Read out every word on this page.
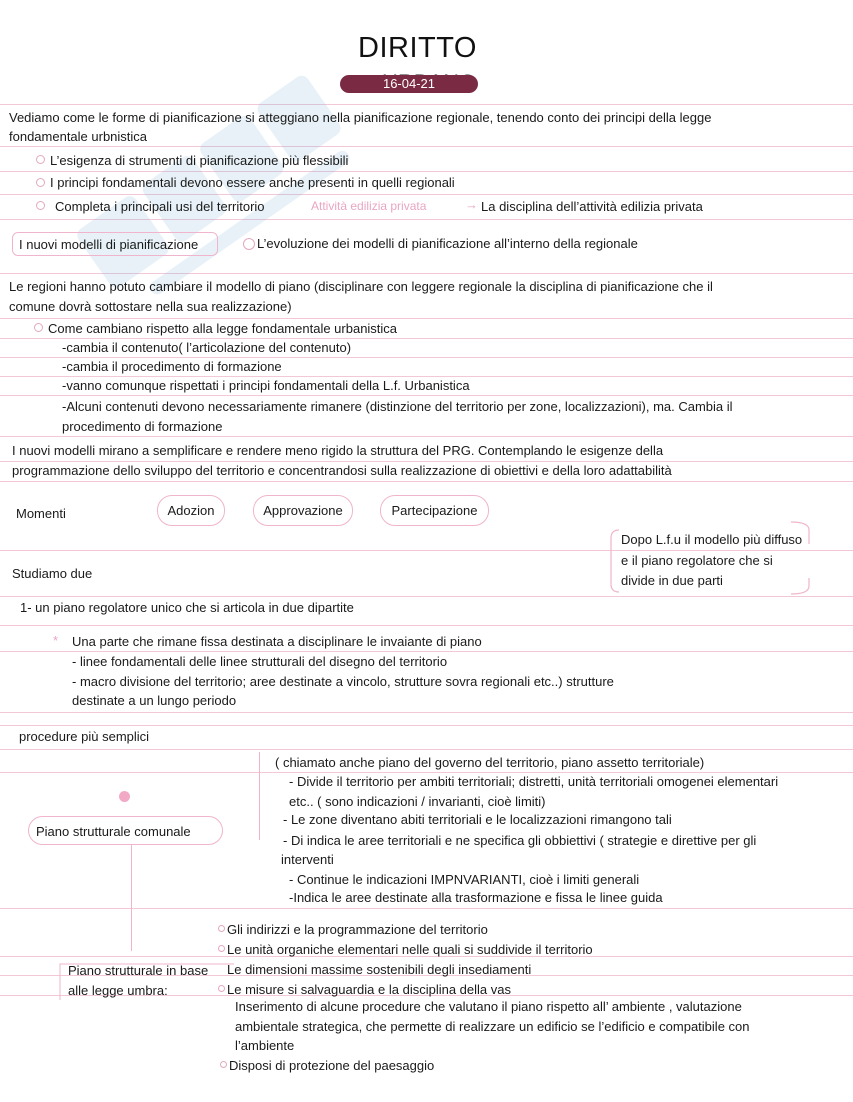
DIRITTO
16-04-21
Vediamo come le forme di pianificazione si atteggiano nella pianificazione regionale, tenendo conto dei principi della legge
fondamentale urbnistica
L’esigenza di strumenti di pianificazione più flessibili
I principi fondamentali devono essere anche presenti in quelli regionali
Completa i principali usi del territorio	Attività edilizia privata	→ La disciplina dell’attività edilizia privata
I nuovi modelli di pianificazione	L’evoluzione dei modelli di pianificazione all’interno della regionale
Le regioni hanno potuto cambiare il modello di piano (disciplinare con leggere regionale la disciplina di pianificazione che il
comune dovrà sottostare nella sua realizzazione)
Come cambiano rispetto alla legge fondamentale urbanistica
-cambia il contenuto( l’articolazione del contenuto)
-cambia il procedimento di formazione
-vanno comunque rispettati i principi fondamentali della L.f. Urbanistica
-Alcuni contenuti devono necessariamente rimanere (distinzione del territorio per zone, localizzazioni), ma. Cambia il
procedimento di formazione
I nuovi modelli mirano a semplificare e rendere meno rigido la struttura del PRG. Contemplando le esigenze della
programmazione dello sviluppo del territorio e concentrandosi sulla realizzazione di obiettivi e della loro adattabilità
Momenti	Adozion	Approvazione	Partecipazione
Dopo L.f.u il modello più diffuso
e il piano regolatore che si
divide in due parti
Studiamo due
1- un piano regolatore unico che si articola in due dipartite
* Una parte che rimane fissa destinata a disciplinare le invaiante di piano
- linee fondamentali delle linee strutturali del disegno del territorio
- macro divisione del territorio; aree destinate a vincolo, strutture sovra regionali etc..) strutture
destinate a un lungo periodo
procedure più semplici
( chiamato anche piano del governo del territorio, piano assetto territoriale)
- Divide il territorio per ambiti territoriali; distretti, unità territoriali omogenei elementari
etc.. ( sono indicazioni / invarianti, cioè limiti)
- Le zone diventano abiti territoriali e le localizzazioni rimangono tali
- Di indica le aree territoriali e ne specifica gli obbiettivi ( strategie e direttive per gli
interventi
- Continue le indicazioni IMPNVARIANTI, cioè i limiti generali
-Indica le aree destinate alla trasformazione e fissa le linee guida
Piano strutturale comunale
Piano strutturale in base
alle legge umbra:
Gli indirizzi e la programmazione del territorio
Le unità organiche elementari nelle quali si suddivide il territorio
Le dimensioni massime sostenibili degli insediamenti
Le misure si salvaguardia e la disciplina della vas
Inserimento di alcune procedure che valutano il piano rispetto all’ ambiente , valutazione
ambientale strategica, che permette di realizzare un edificio se l’edificio e compatibile con
l’ambiente
Disposi di protezione del paesaggio
